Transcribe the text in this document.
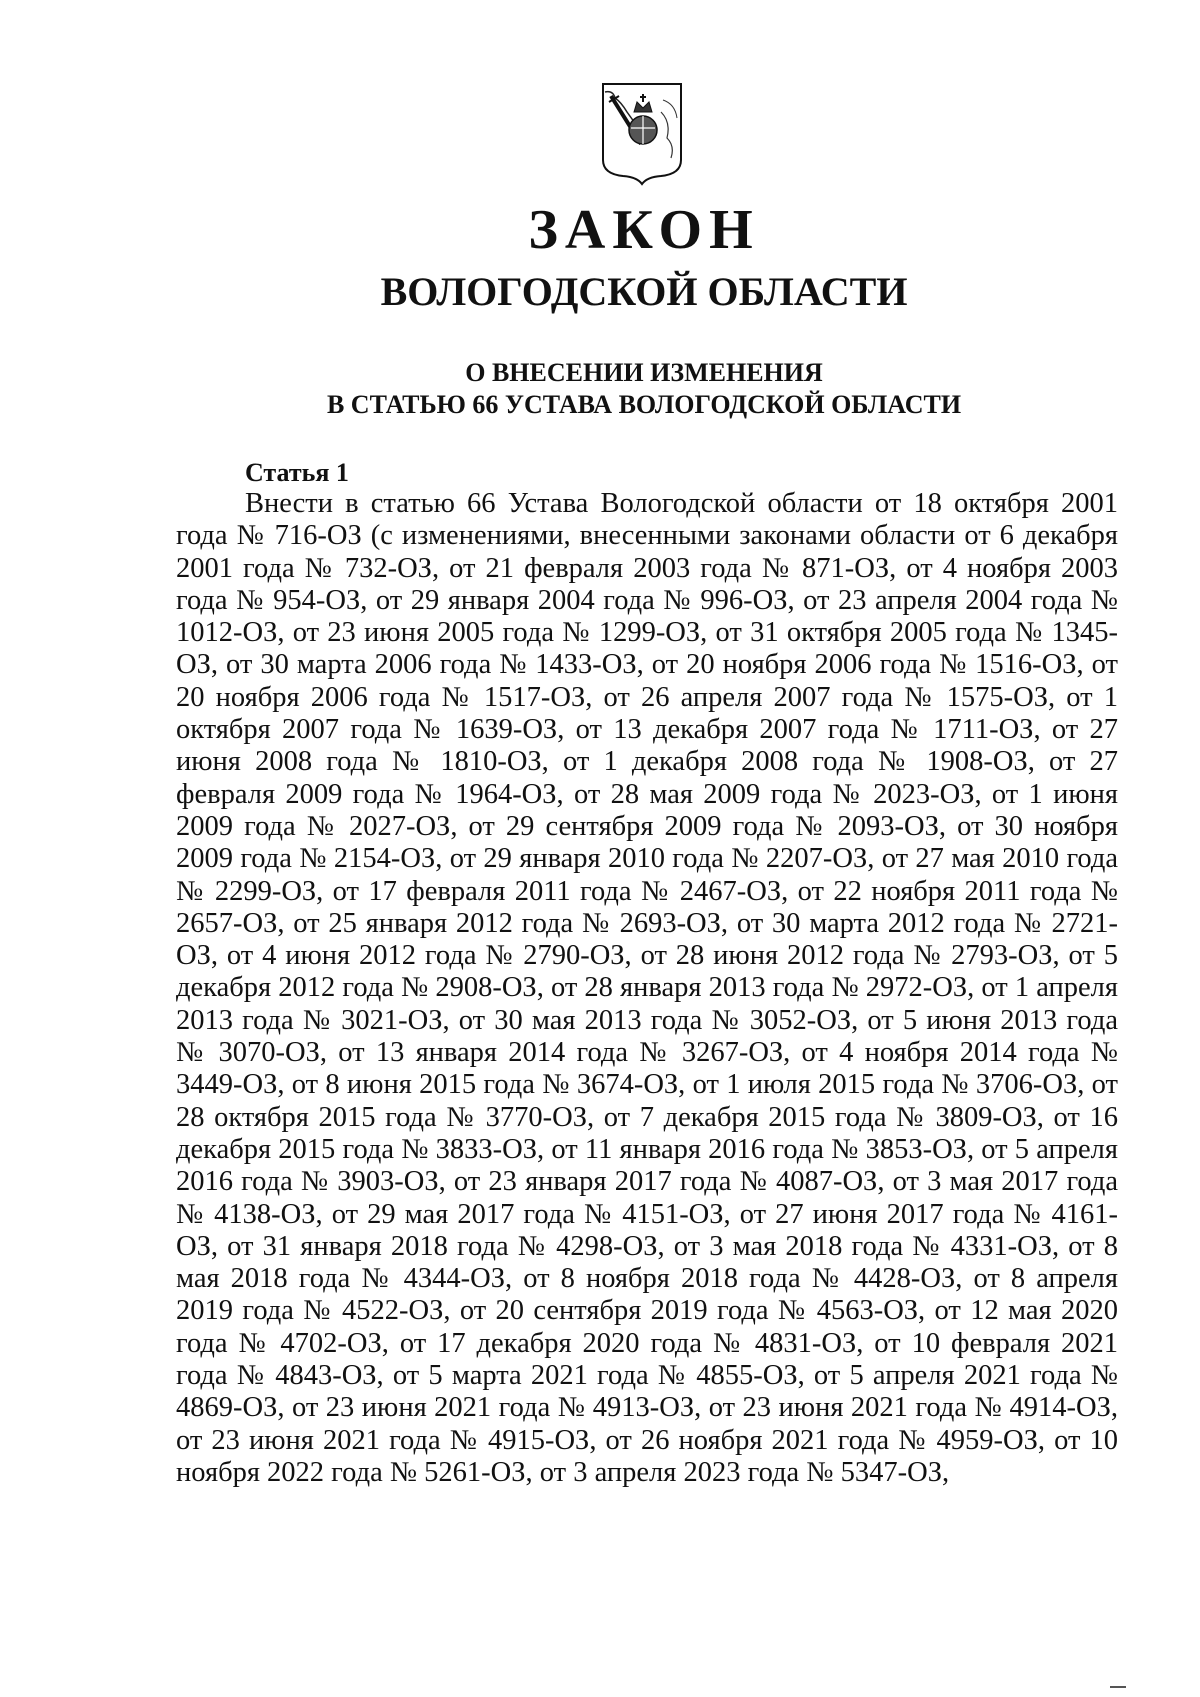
ЗАКОН
ВОЛОГОДСКОЙ ОБЛАСТИ
О ВНЕСЕНИИ ИЗМЕНЕНИЯ
В СТАТЬЮ 66 УСТАВА ВОЛОГОДСКОЙ ОБЛАСТИ
Статья 1

Внести в статью 66 Устава Вологодской области от 18 октября 2001 года № 716-ОЗ (с изменениями, внесенными законами области от 6 декабря 2001 года № 732-ОЗ, от 21 февраля 2003 года № 871-ОЗ, от 4 ноября 2003 года № 954-ОЗ, от 29 января 2004 года № 996-ОЗ, от 23 апреля 2004 года № 1012-ОЗ, от 23 июня 2005 года № 1299-ОЗ, от 31 октября 2005 года № 1345-ОЗ, от 30 марта 2006 года № 1433-ОЗ, от 20 ноября 2006 года № 1516-ОЗ, от 20 ноября 2006 года № 1517-ОЗ, от 26 апреля 2007 года № 1575-ОЗ, от 1 октября 2007 года № 1639-ОЗ, от 13 декабря 2007 года № 1711-ОЗ, от 27 июня 2008 года № 1810-ОЗ, от 1 декабря 2008 года № 1908-ОЗ, от 27 февраля 2009 года № 1964-ОЗ, от 28 мая 2009 года № 2023-ОЗ, от 1 июня 2009 года № 2027-ОЗ, от 29 сентября 2009 года № 2093-ОЗ, от 30 ноября 2009 года № 2154-ОЗ, от 29 января 2010 года № 2207-ОЗ, от 27 мая 2010 года № 2299-ОЗ, от 17 февраля 2011 года № 2467-ОЗ, от 22 ноября 2011 года № 2657-ОЗ, от 25 января 2012 года № 2693-ОЗ, от 30 марта 2012 года № 2721-ОЗ, от 4 июня 2012 года № 2790-ОЗ, от 28 июня 2012 года № 2793-ОЗ, от 5 декабря 2012 года № 2908-ОЗ, от 28 января 2013 года № 2972-ОЗ, от 1 апреля 2013 года № 3021-ОЗ, от 30 мая 2013 года № 3052-ОЗ, от 5 июня 2013 года № 3070-ОЗ, от 13 января 2014 года № 3267-ОЗ, от 4 ноября 2014 года № 3449-ОЗ, от 8 июня 2015 года № 3674-ОЗ, от 1 июля 2015 года № 3706-ОЗ, от 28 октября 2015 года № 3770-ОЗ, от 7 декабря 2015 года № 3809-ОЗ, от 16 декабря 2015 года № 3833-ОЗ, от 11 января 2016 года № 3853-ОЗ, от 5 апреля 2016 года № 3903-ОЗ, от 23 января 2017 года № 4087-ОЗ, от 3 мая 2017 года № 4138-ОЗ, от 29 мая 2017 года № 4151-ОЗ, от 27 июня 2017 года № 4161-ОЗ, от 31 января 2018 года № 4298-ОЗ, от 3 мая 2018 года № 4331-ОЗ, от 8 мая 2018 года № 4344-ОЗ, от 8 ноября 2018 года № 4428-ОЗ, от 8 апреля 2019 года № 4522-ОЗ, от 20 сентября 2019 года № 4563-ОЗ, от 12 мая 2020 года № 4702-ОЗ, от 17 декабря 2020 года № 4831-ОЗ, от 10 февраля 2021 года № 4843-ОЗ, от 5 марта 2021 года № 4855-ОЗ, от 5 апреля 2021 года № 4869-ОЗ, от 23 июня 2021 года № 4913-ОЗ, от 23 июня 2021 года № 4914-ОЗ, от 23 июня 2021 года № 4915-ОЗ, от 26 ноября 2021 года № 4959-ОЗ, от 10 ноября 2022 года № 5261-ОЗ, от 3 апреля 2023 года № 5347-ОЗ,
